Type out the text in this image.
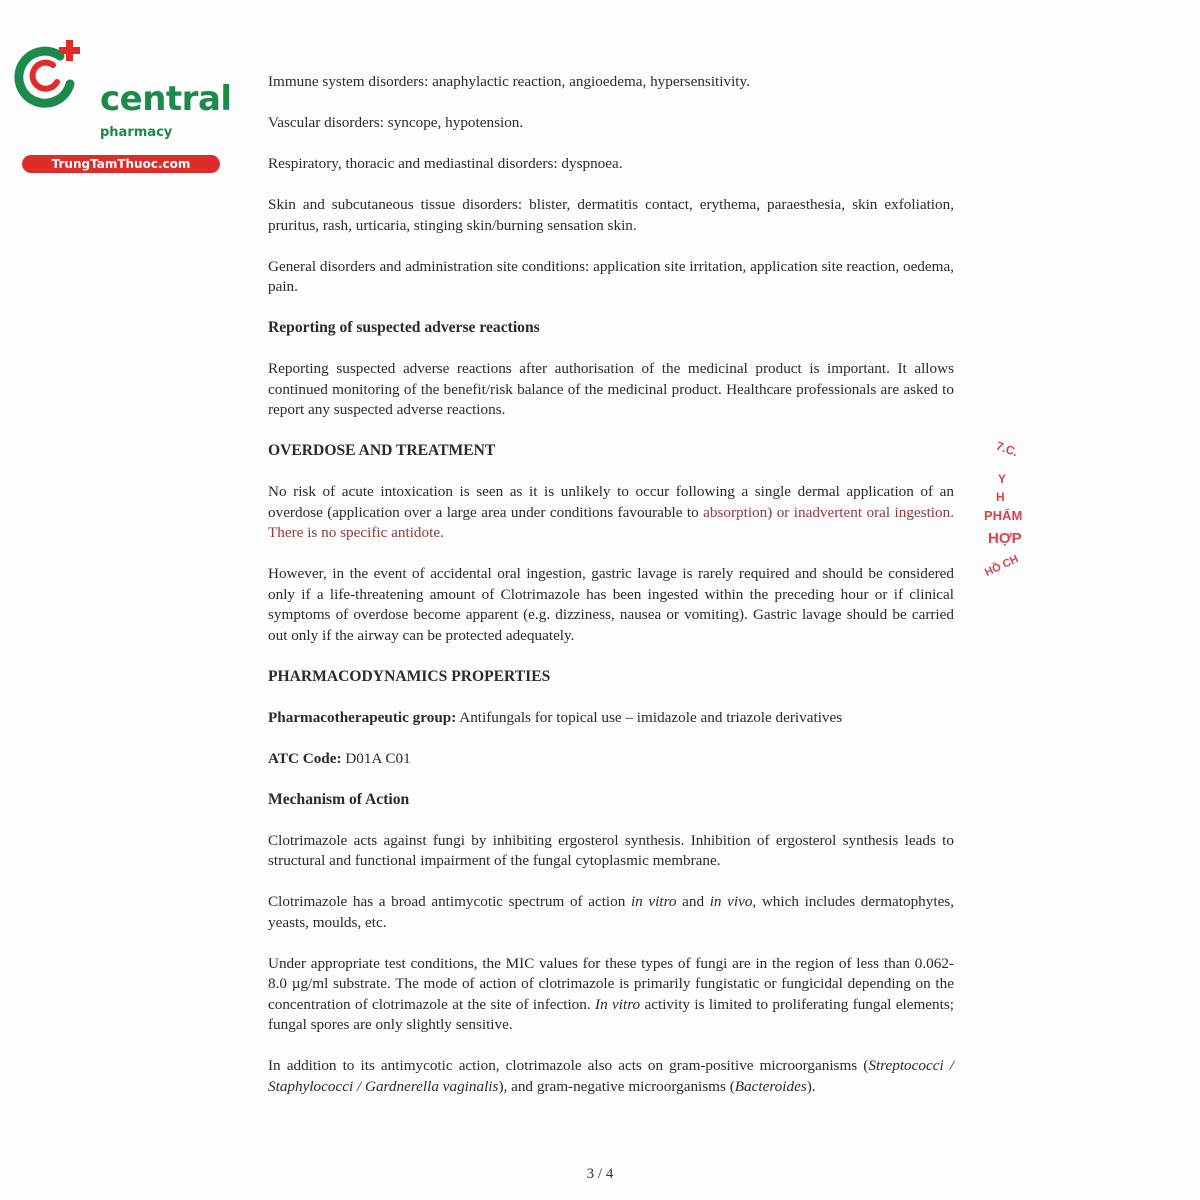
central
pharmacy
TrungTamThuoc.com

Immune system disorders: anaphylactic reaction, angioedema, hypersensitivity.

Vascular disorders: syncope, hypotension.

Respiratory, thoracic and mediastinal disorders: dyspnoea.

Skin and subcutaneous tissue disorders: blister, dermatitis contact, erythema, paraesthesia, skin exfoliation, pruritus, rash, urticaria, stinging skin/burning sensation skin.

General disorders and administration site conditions: application site irritation, application site reaction, oedema, pain.

Reporting of suspected adverse reactions

Reporting suspected adverse reactions after authorisation of the medicinal product is important. It allows continued monitoring of the benefit/risk balance of the medicinal product. Healthcare professionals are asked to report any suspected adverse reactions.

OVERDOSE AND TREATMENT

No risk of acute intoxication is seen as it is unlikely to occur following a single dermal application of an overdose (application over a large area under conditions favourable to absorption) or inadvertent oral ingestion. There is no specific antidote.

However, in the event of accidental oral ingestion, gastric lavage is rarely required and should be considered only if a life-threatening amount of Clotrimazole has been ingested within the preceding hour or if clinical symptoms of overdose become apparent (e.g. dizziness, nausea or vomiting). Gastric lavage should be carried out only if the airway can be protected adequately.

PHARMACODYNAMICS PROPERTIES

Pharmacotherapeutic group: Antifungals for topical use – imidazole and triazole derivatives

ATC Code: D01A C01

Mechanism of Action

Clotrimazole acts against fungi by inhibiting ergosterol synthesis. Inhibition of ergosterol synthesis leads to structural and functional impairment of the fungal cytoplasmic membrane.

Clotrimazole has a broad antimycotic spectrum of action in vitro and in vivo, which includes dermatophytes, yeasts, moulds, etc.

Under appropriate test conditions, the MIC values for these types of fungi are in the region of less than 0.062-8.0 µg/ml substrate. The mode of action of clotrimazole is primarily fungistatic or fungicidal depending on the concentration of clotrimazole at the site of infection. In vitro activity is limited to proliferating fungal elements; fungal spores are only slightly sensitive.

In addition to its antimycotic action, clotrimazole also acts on gram-positive microorganisms (Streptococci / Staphylococci / Gardnerella vaginalis), and gram-negative microorganisms (Bacteroides).

3 / 4
7.C.
Y
H
PHẨM
HỢP
HỒ CH
